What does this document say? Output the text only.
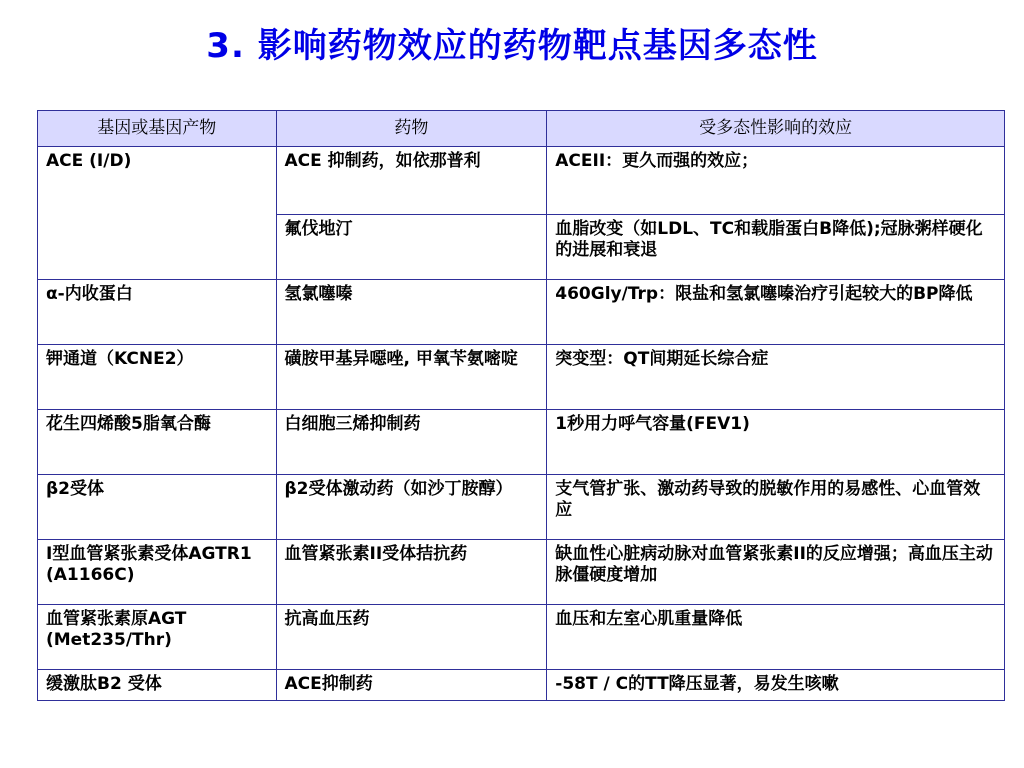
3. 影响药物效应的药物靶点基因多态性
基因或基因产物	药物	受多态性影响的效应
ACE (I/D)	ACE 抑制药，如依那普利	ACEII：更久而强的效应；
	氟伐地汀	血脂改变（如LDL、TC和载脂蛋白B降低);冠脉粥样硬化的进展和衰退
α-内收蛋白	氢氯噻嗪	460Gly/Trp：限盐和氢氯噻嗪治疗引起较大的BP降低
钾通道（KCNE2）	磺胺甲基异噁唑, 甲氧苄氨嘧啶	突变型：QT间期延长综合症
花生四烯酸5脂氧合酶	白细胞三烯抑制药	1秒用力呼气容量(FEV1)
β2受体	β2受体激动药（如沙丁胺醇）	支气管扩张、激动药导致的脱敏作用的易感性、心血管效应
I型血管紧张素受体AGTR1 (A1166C)	血管紧张素II受体拮抗药	缺血性心脏病动脉对血管紧张素II的反应增强；高血压主动脉僵硬度增加
血管紧张素原AGT (Met235/Thr)	抗高血压药	血压和左室心肌重量降低
缓激肽B2 受体	ACE抑制药	-58T / C的TT降压显著，易发生咳嗽
